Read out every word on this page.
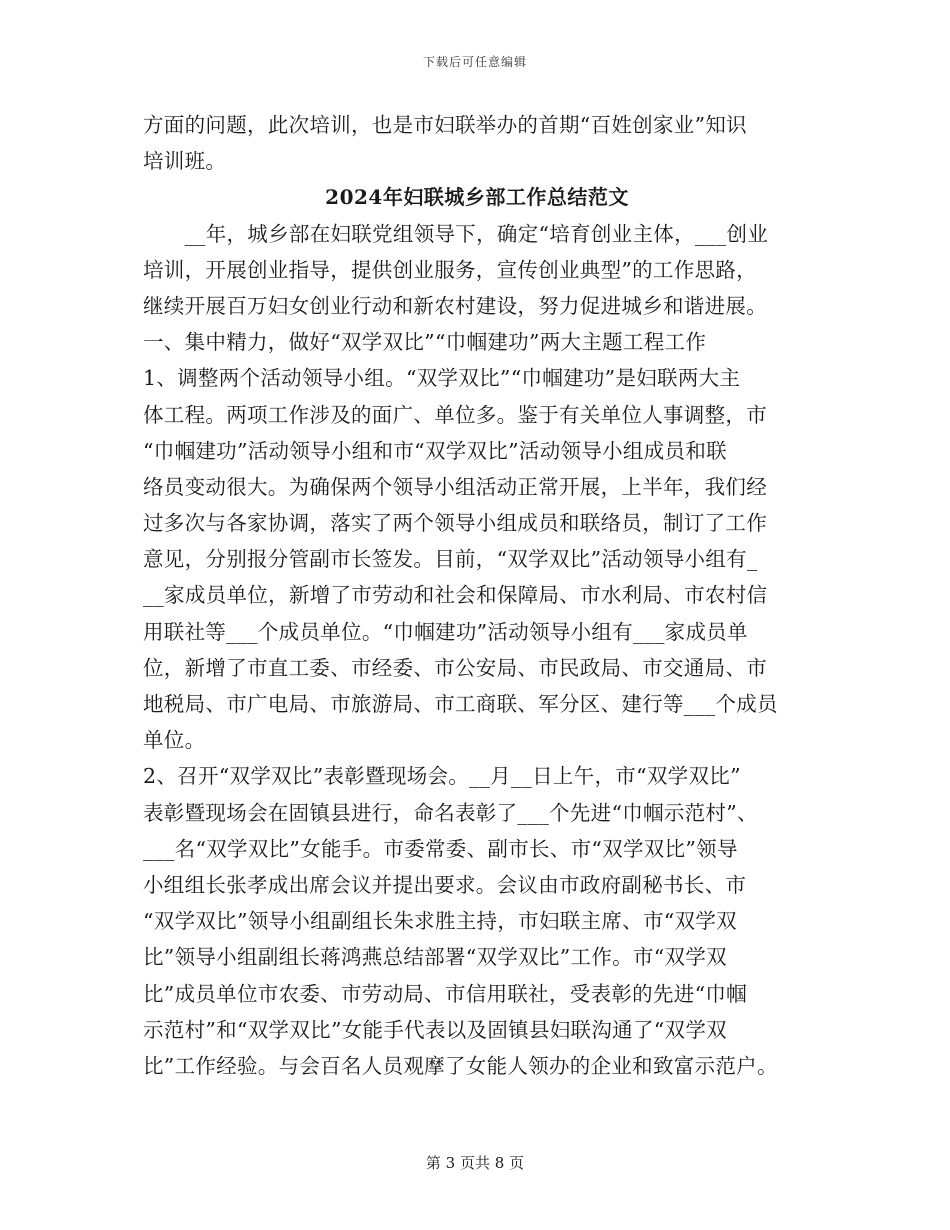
下载后可任意编辑
方面的问题，此次培训，也是市妇联举办的首期“百姓创家业”知识
培训班。
2024年妇联城乡部工作总结范文
　　__年，城乡部在妇联党组领导下，确定“培育创业主体，___创业
培训，开展创业指导，提供创业服务，宣传创业典型”的工作思路，
继续开展百万妇女创业行动和新农村建设，努力促进城乡和谐进展。
一、集中精力，做好“双学双比”“巾帼建功”两大主题工程工作
1、调整两个活动领导小组。“双学双比”“巾帼建功”是妇联两大主
体工程。两项工作涉及的面广、单位多。鉴于有关单位人事调整，市
“巾帼建功”活动领导小组和市“双学双比”活动领导小组成员和联
络员变动很大。为确保两个领导小组活动正常开展，上半年，我们经
过多次与各家协调，落实了两个领导小组成员和联络员，制订了工作
意见，分别报分管副市长签发。目前，“双学双比”活动领导小组有_
__家成员单位，新增了市劳动和社会和保障局、市水利局、市农村信
用联社等___个成员单位。“巾帼建功”活动领导小组有___家成员单
位，新增了市直工委、市经委、市公安局、市民政局、市交通局、市
地税局、市广电局、市旅游局、市工商联、军分区、建行等___个成员
单位。
2、召开“双学双比”表彰暨现场会。__月__日上午，市“双学双比”
表彰暨现场会在固镇县进行，命名表彰了___个先进“巾帼示范村”、
___名“双学双比”女能手。市委常委、副市长、市“双学双比”领导
小组组长张孝成出席会议并提出要求。会议由市政府副秘书长、市
“双学双比”领导小组副组长朱求胜主持，市妇联主席、市“双学双
比”领导小组副组长蒋鸿燕总结部署“双学双比”工作。市“双学双
比”成员单位市农委、市劳动局、市信用联社，受表彰的先进“巾帼
示范村”和“双学双比”女能手代表以及固镇县妇联沟通了“双学双
比”工作经验。与会百名人员观摩了女能人领办的企业和致富示范户。
第 3 页共 8 页
